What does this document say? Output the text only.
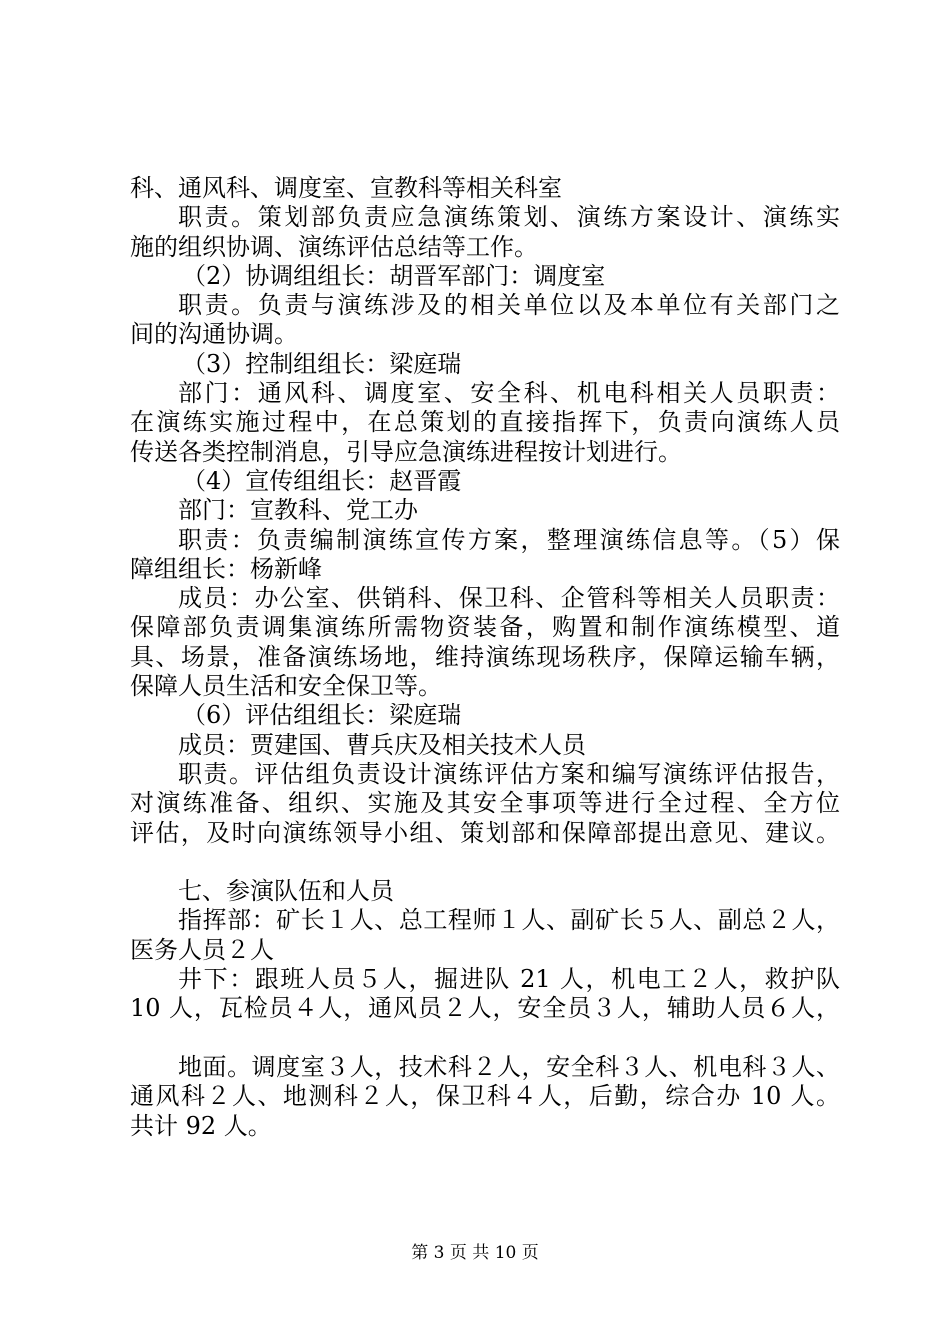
科、通风科、调度室、宣教科等相关科室
职责。策划部负责应急演练策划、演练方案设计、演练实
施的组织协调、演练评估总结等工作。
（2）协调组组长：胡晋军部门：调度室
职责。负责与演练涉及的相关单位以及本单位有关部门之
间的沟通协调。
（3）控制组组长：梁庭瑞
部门：通风科、调度室、安全科、机电科相关人员职责：
在演练实施过程中，在总策划的直接指挥下，负责向演练人员
传送各类控制消息，引导应急演练进程按计划进行。
（4）宣传组组长：赵晋霞
部门：宣教科、党工办
职责：负责编制演练宣传方案，整理演练信息等。（5）保
障组组长：杨新峰
成员：办公室、供销科、保卫科、企管科等相关人员职责：
保障部负责调集演练所需物资装备，购置和制作演练模型、道
具、场景，准备演练场地，维持演练现场秩序，保障运输车辆，
保障人员生活和安全保卫等。
（6）评估组组长：梁庭瑞
成员：贾建国、曹兵庆及相关技术人员
职责。评估组负责设计演练评估方案和编写演练评估报告，
对演练准备、组织、实施及其安全事项等进行全过程、全方位
评估，及时向演练领导小组、策划部和保障部提出意见、建议。
七、参演队伍和人员
指挥部：矿长１人、总工程师１人、副矿长５人、副总２人，
医务人员２人
井下：跟班人员５人，掘进队 21 人，机电工２人，救护队
10 人，瓦检员４人，通风员２人，安全员３人，辅助人员６人，
地面。调度室３人，技术科２人，安全科３人、机电科３人、
通风科２人、地测科２人，保卫科４人，后勤，综合办 10 人。
共计 92 人。
第 3 页 共 10 页
